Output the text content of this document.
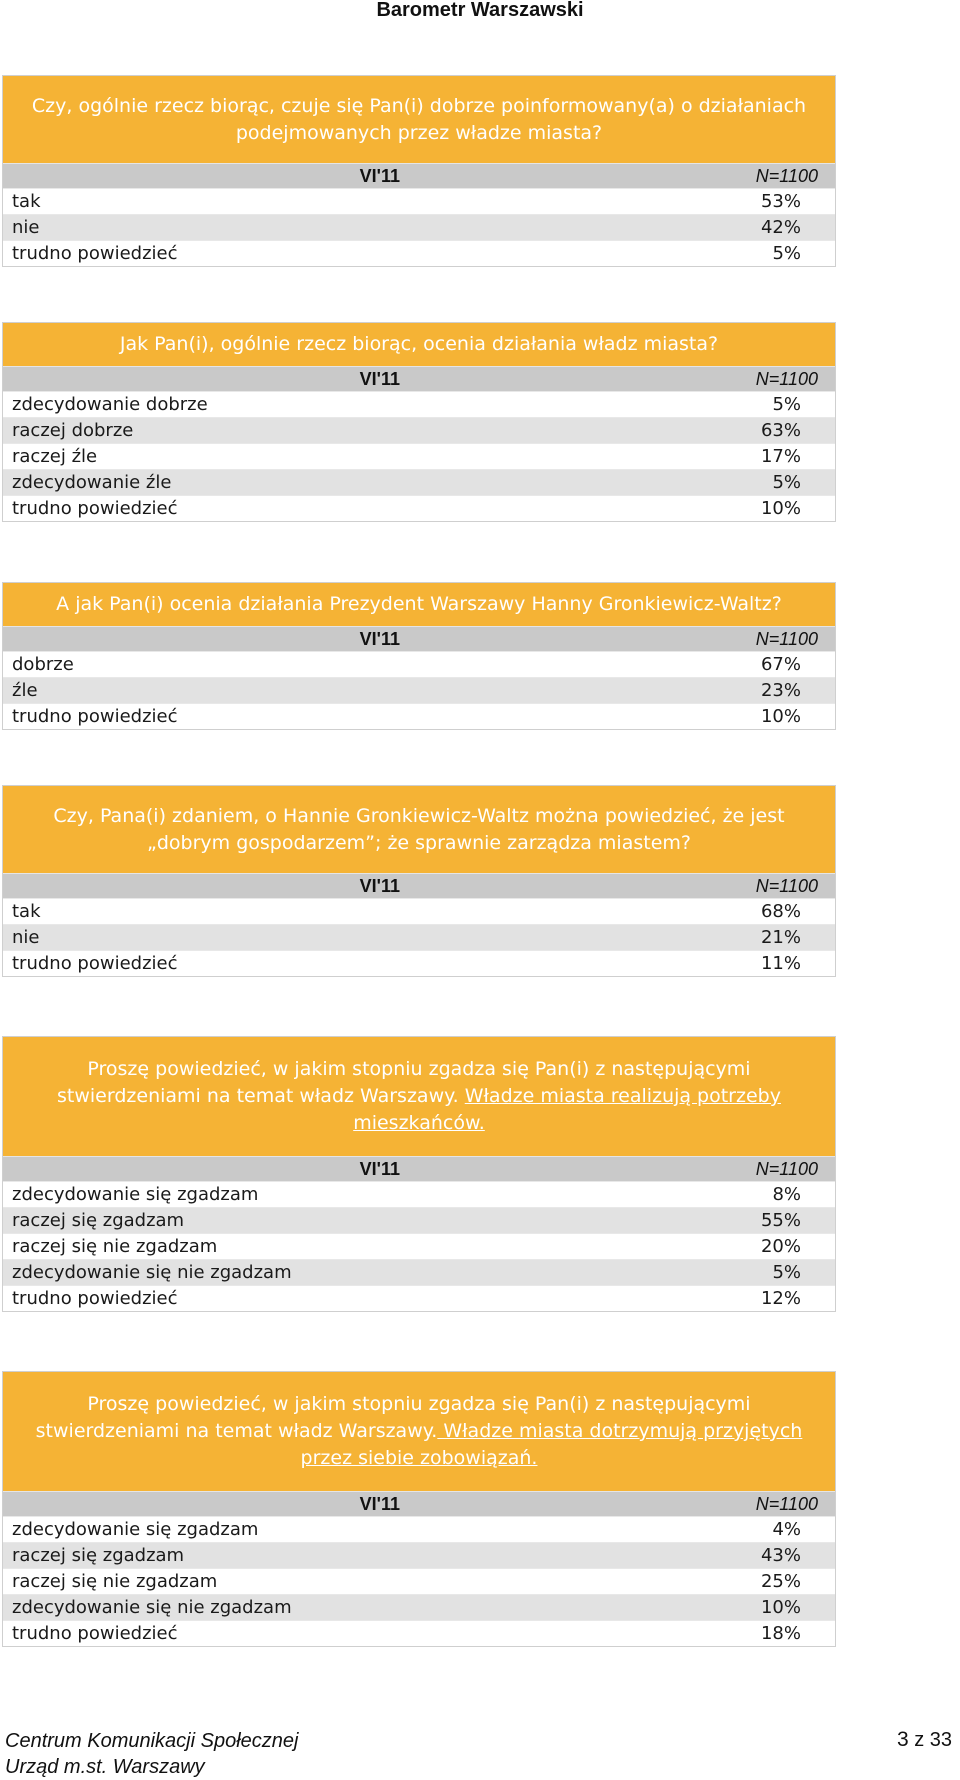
Barometr Warszawski
Czy, ogólnie rzecz biorąc, czuje się Pan(i) dobrze poinformowany(a) o działaniach podejmowanych przez władze miasta?
VI'11	N=1100
tak	53%
nie	42%
trudno powiedzieć	5%
Jak Pan(i), ogólnie rzecz biorąc, ocenia działania władz miasta?
VI'11	N=1100
zdecydowanie dobrze	5%
raczej dobrze	63%
raczej źle	17%
zdecydowanie źle	5%
trudno powiedzieć	10%
A jak Pan(i) ocenia działania Prezydent Warszawy Hanny Gronkiewicz-Waltz?
VI'11	N=1100
dobrze	67%
źle	23%
trudno powiedzieć	10%
Czy, Pana(i) zdaniem, o Hannie Gronkiewicz-Waltz można powiedzieć, że jest „dobrym gospodarzem”; że sprawnie zarządza miastem?
VI'11	N=1100
tak	68%
nie	21%
trudno powiedzieć	11%
Proszę powiedzieć, w jakim stopniu zgadza się Pan(i) z następującymi stwierdzeniami na temat władz Warszawy. Władze miasta realizują potrzeby mieszkańców.
VI'11	N=1100
zdecydowanie się zgadzam	8%
raczej się zgadzam	55%
raczej się nie zgadzam	20%
zdecydowanie się nie zgadzam	5%
trudno powiedzieć	12%
Proszę powiedzieć, w jakim stopniu zgadza się Pan(i) z następującymi stwierdzeniami na temat władz Warszawy. Władze miasta dotrzymują przyjętych przez siebie zobowiązań.
VI'11	N=1100
zdecydowanie się zgadzam	4%
raczej się zgadzam	43%
raczej się nie zgadzam	25%
zdecydowanie się nie zgadzam	10%
trudno powiedzieć	18%
Centrum Komunikacji Społecznej
Urząd m.st. Warszawy
3 z 33
